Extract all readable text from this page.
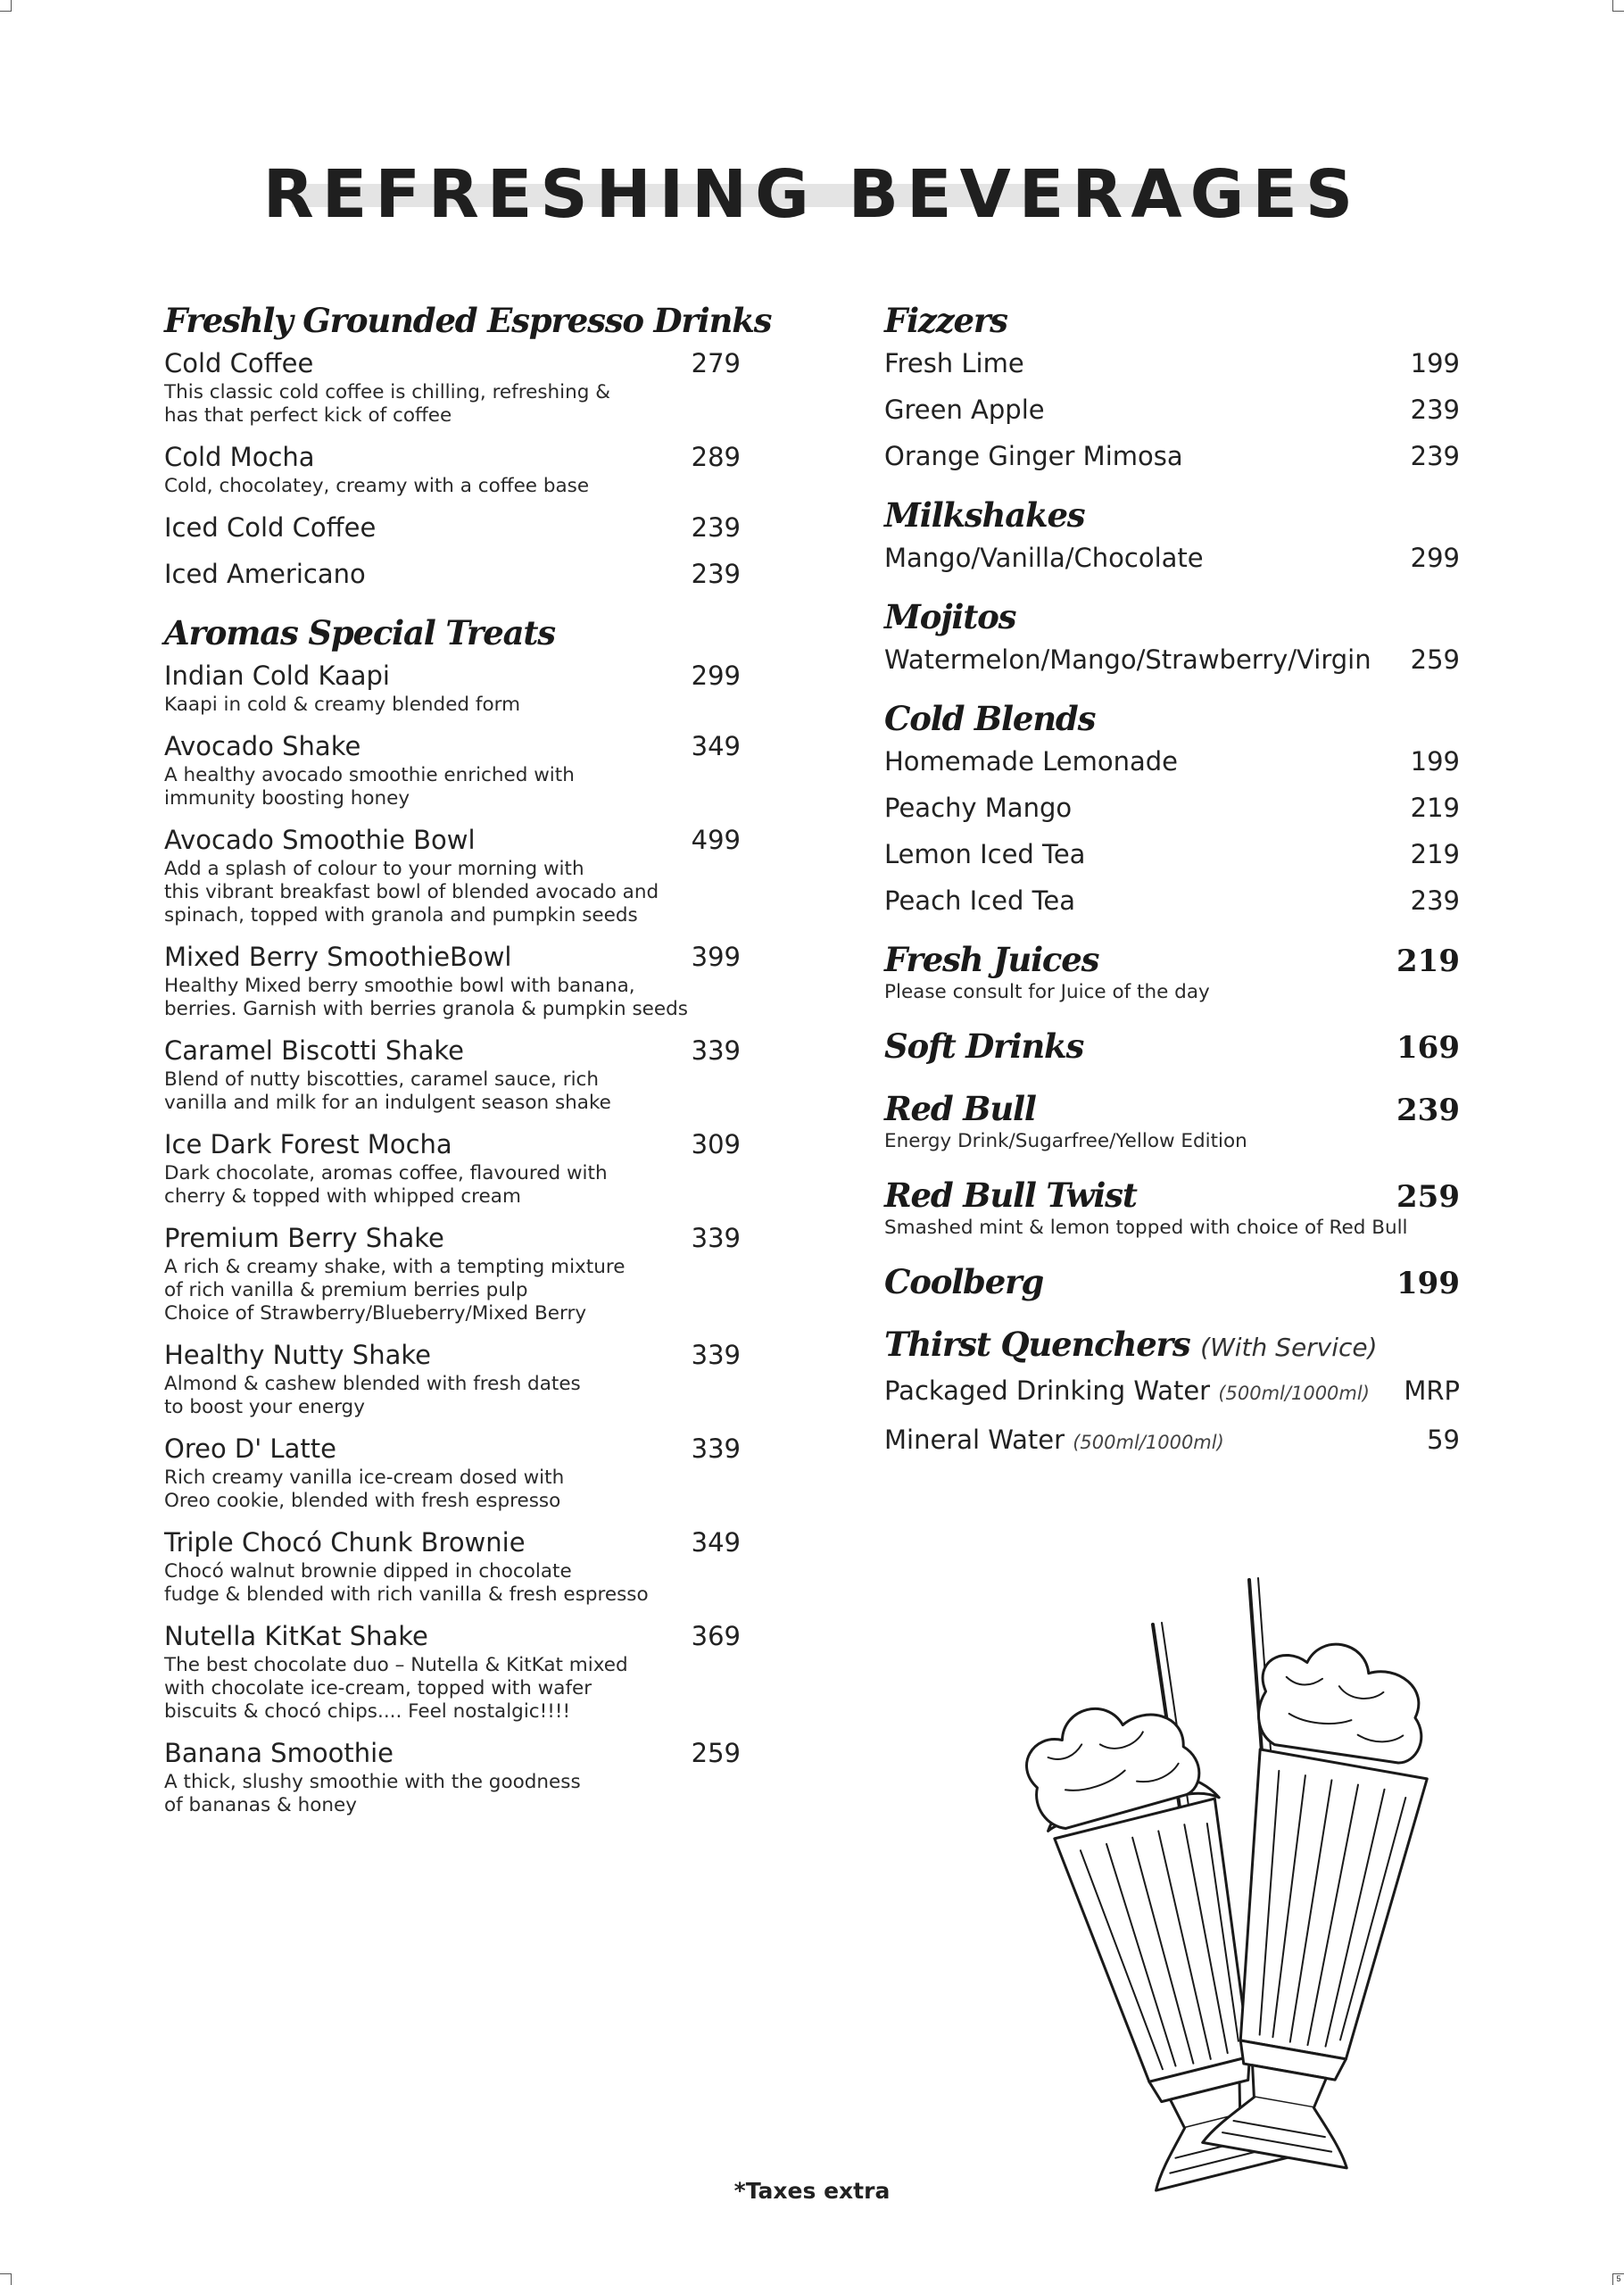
5
REFRESHING BEVERAGES
Freshly Grounded Espresso Drinks
Cold Coffee	279
This classic cold coffee is chilling, refreshing &
has that perfect kick of coffee
Cold Mocha	289
Cold, chocolatey, creamy with a coffee base
Iced Cold Coffee	239
Iced Americano	239
Aromas Special Treats
Indian Cold Kaapi	299
Kaapi in cold & creamy blended form
Avocado Shake	349
A healthy avocado smoothie enriched with
immunity boosting honey
Avocado Smoothie Bowl	499
Add a splash of colour to your morning with
this vibrant breakfast bowl of blended avocado and
spinach, topped with granola and pumpkin seeds
Mixed Berry SmoothieBowl	399
Healthy Mixed berry smoothie bowl with banana,
berries. Garnish with berries granola & pumpkin seeds
Caramel Biscotti Shake	339
Blend of nutty biscotties, caramel sauce, rich
vanilla and milk for an indulgent season shake
Ice Dark Forest Mocha	309
Dark chocolate, aromas coffee, flavoured with
cherry & topped with whipped cream
Premium Berry Shake	339
A rich & creamy shake, with a tempting mixture
of rich vanilla & premium berries pulp
Choice of Strawberry/Blueberry/Mixed Berry
Healthy Nutty Shake	339
Almond & cashew blended with fresh dates
to boost your energy
Oreo D' Latte	339
Rich creamy vanilla ice-cream dosed with
Oreo cookie, blended with fresh espresso
Triple Chocó Chunk Brownie	349
Chocó walnut brownie dipped in chocolate
fudge & blended with rich vanilla & fresh espresso
Nutella KitKat Shake	369
The best chocolate duo – Nutella & KitKat mixed
with chocolate ice-cream, topped with wafer
biscuits & chocó chips.... Feel nostalgic!!!!
Banana Smoothie	259
A thick, slushy smoothie with the goodness
of bananas & honey
Fizzers
Fresh Lime	199
Green Apple	239
Orange Ginger Mimosa	239
Milkshakes
Mango/Vanilla/Chocolate	299
Mojitos
Watermelon/Mango/Strawberry/Virgin 259
Cold Blends
Homemade Lemonade	199
Peachy Mango	219
Lemon Iced Tea	219
Peach Iced Tea	239
Fresh Juices	219
Please consult for Juice of the day
Soft Drinks	169
Red Bull	239
Energy Drink/Sugarfree/Yellow Edition
Red Bull Twist	259
Smashed mint & lemon topped with choice of Red Bull
Coolberg	199
Thirst Quenchers (With Service)
Packaged Drinking Water (500ml/1000ml) MRP
Mineral Water (500ml/1000ml)	59
*Taxes extra
